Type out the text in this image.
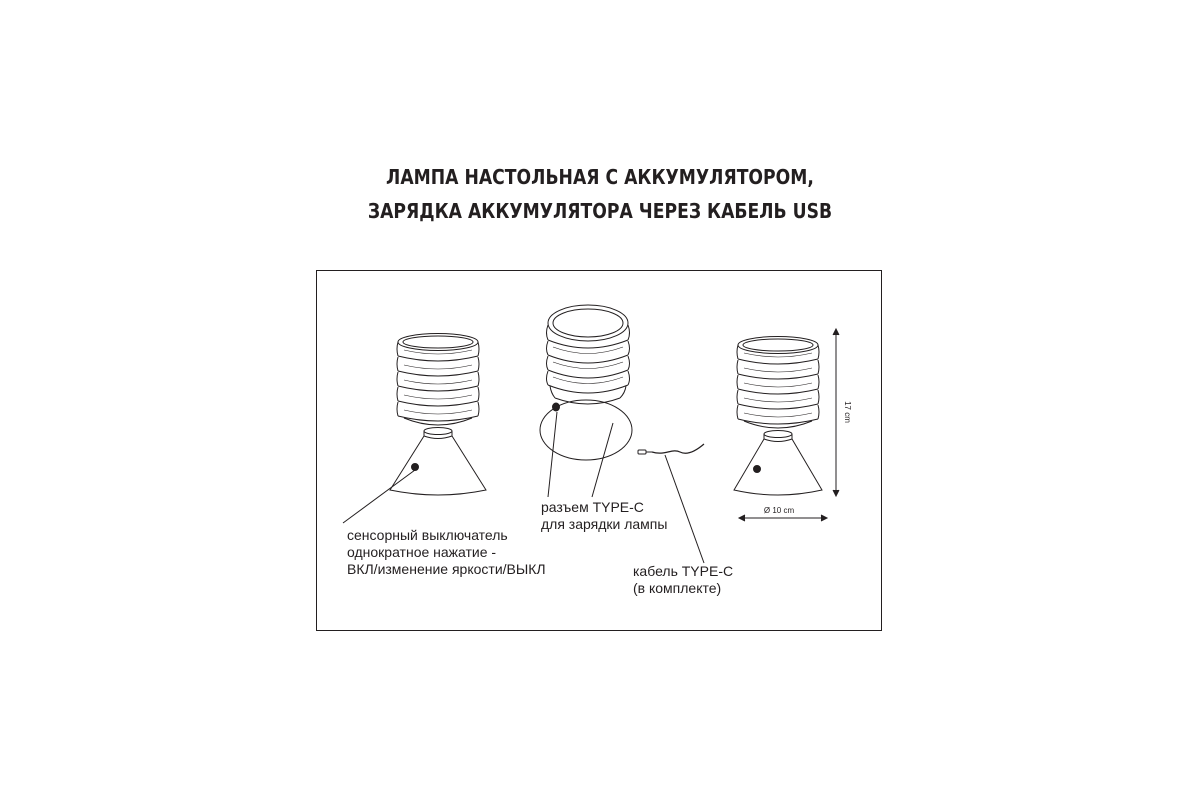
ЛАМПА НАСТОЛЬНАЯ С АККУМУЛЯТОРОМ,
ЗАРЯДКА АККУМУЛЯТОРА ЧЕРЕЗ КАБЕЛЬ USB
17 cm
Ø 10 cm
сенсорный выключатель
однократное нажатие -
ВКЛ/изменение яркости/ВЫКЛ
разъем TYPE-C
для зарядки лампы
кабель TYPE-C
(в комплекте)
